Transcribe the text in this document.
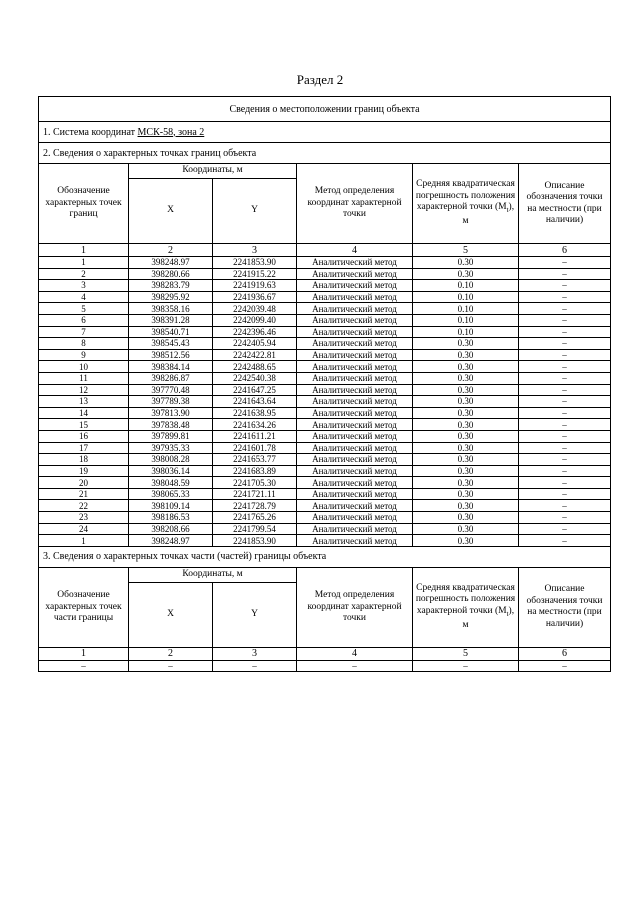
Раздел 2
Сведения о местоположении границ объекта					
1. Система координат МСК-58, зона 2					
2. Сведения о характерных точках границ объекта					
Обозначение характерных точек границ	Координаты, м		Метод определения координат характерной точки	Средняя квадратическая погрешность положения характерной точки $(M_t)$, м	Описание обозначения точки на местности (при наличии)
	X	Y			
1	2	3	4	5	6
1	398248.97	2241853.90	Аналитический метод	0.30	–
2	398280.66	2241915.22	Аналитический метод	0.30	–
3	398283.79	2241919.63	Аналитический метод	0.10	–
4	398295.92	2241936.67	Аналитический метод	0.10	–
5	398358.16	2242039.48	Аналитический метод	0.10	–
6	398391.28	2242099.40	Аналитический метод	0.10	–
7	398540.71	2242396.46	Аналитический метод	0.10	–
8	398545.43	2242405.94	Аналитический метод	0.30	–
9	398512.56	2242422.81	Аналитический метод	0.30	–
10	398384.14	2242488.65	Аналитический метод	0.30	–
11	398286.87	2242540.38	Аналитический метод	0.30	–
12	397770.48	2241647.25	Аналитический метод	0.30	–
13	397789.38	2241643.64	Аналитический метод	0.30	–
14	397813.90	2241638.95	Аналитический метод	0.30	–
15	397838.48	2241634.26	Аналитический метод	0.30	–
16	397899.81	2241611.21	Аналитический метод	0.30	–
17	397935.33	2241601.78	Аналитический метод	0.30	–
18	398008.28	2241653.77	Аналитический метод	0.30	–
19	398036.14	2241683.89	Аналитический метод	0.30	–
20	398048.59	2241705.30	Аналитический метод	0.30	–
21	398065.33	2241721.11	Аналитический метод	0.30	–
22	398109.14	2241728.79	Аналитический метод	0.30	–
23	398186.53	2241765.26	Аналитический метод	0.30	–
24	398208.66	2241799.54	Аналитический метод	0.30	–
1	398248.97	2241853.90	Аналитический метод	0.30	–
3. Сведения о характерных точках части (частей) границы объекта					
Обозначение характерных точек части границы	Координаты, м		Метод определения координат характерной точки	Средняя квадратическая погрешность положения характерной точки $(M_t)$, м	Описание обозначения точки на местности (при наличии)
	X	Y			
1	2	3	4	5	6
–	–	–	–	–	–
